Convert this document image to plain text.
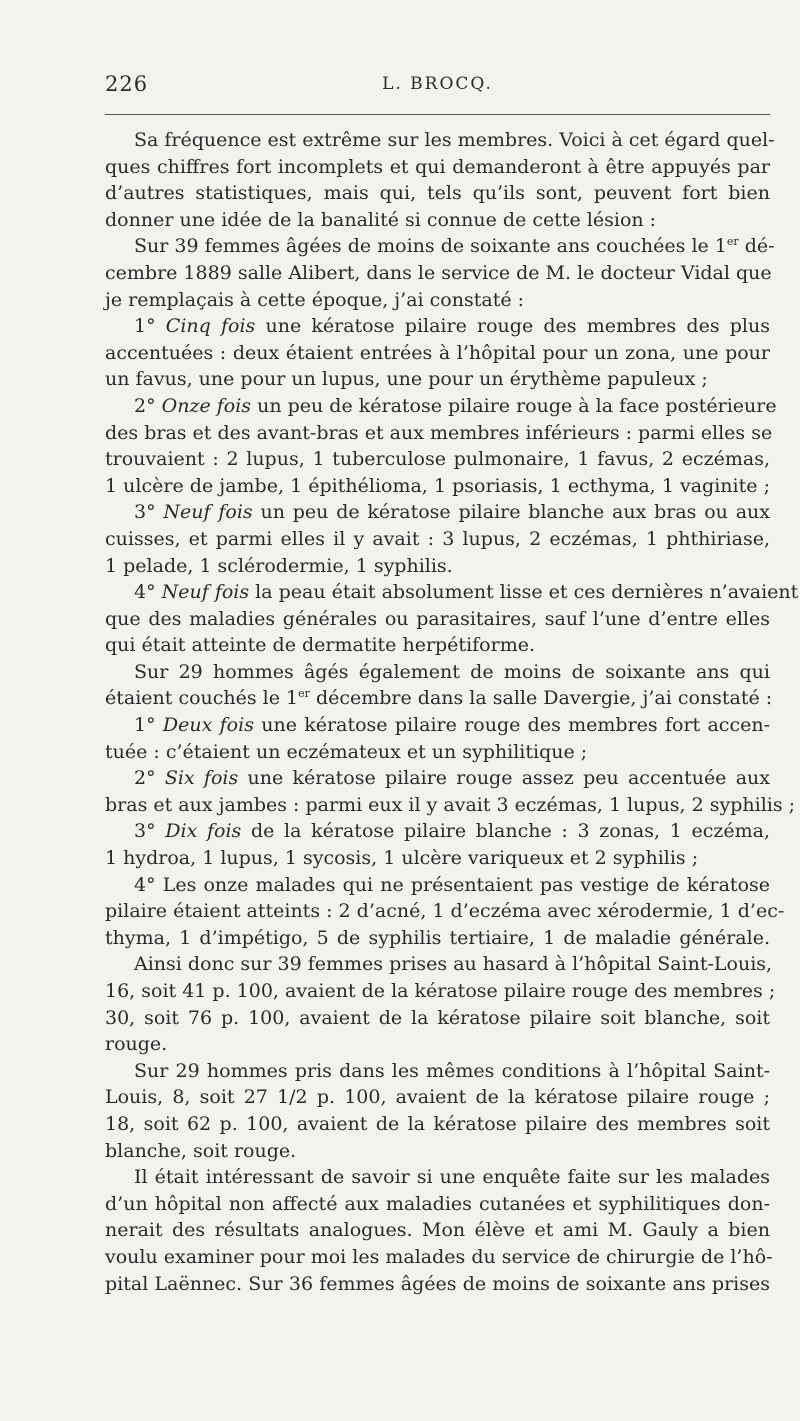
226	L. BROCQ.
Sa fréquence est extrême sur les membres. Voici à cet égard quel-
ques chiffres fort incomplets et qui demanderont à être appuyés par
d’autres statistiques, mais qui, tels qu’ils sont, peuvent fort bien
donner une idée de la banalité si connue de cette lésion :
Sur 39 femmes âgées de moins de soixante ans couchées le 1er dé-
cembre 1889 salle Alibert, dans le service de M. le docteur Vidal que
je remplaçais à cette époque, j’ai constaté :
1° Cinq fois une kératose pilaire rouge des membres des plus
accentuées : deux étaient entrées à l’hôpital pour un zona, une pour
un favus, une pour un lupus, une pour un érythème papuleux ;
2° Onze fois un peu de kératose pilaire rouge à la face postérieure
des bras et des avant-bras et aux membres inférieurs : parmi elles se
trouvaient : 2 lupus, 1 tuberculose pulmonaire, 1 favus, 2 eczémas,
1 ulcère de jambe, 1 épithélioma, 1 psoriasis, 1 ecthyma, 1 vaginite ;
3° Neuf fois un peu de kératose pilaire blanche aux bras ou aux
cuisses, et parmi elles il y avait : 3 lupus, 2 eczémas, 1 phthiriase,
1 pelade, 1 sclérodermie, 1 syphilis.
4° Neuf fois la peau était absolument lisse et ces dernières n’avaient
que des maladies générales ou parasitaires, sauf l’une d’entre elles
qui était atteinte de dermatite herpétiforme.
Sur 29 hommes âgés également de moins de soixante ans qui
étaient couchés le 1er décembre dans la salle Davergie, j’ai constaté :
1° Deux fois une kératose pilaire rouge des membres fort accen-
tuée : c’étaient un eczémateux et un syphilitique ;
2° Six fois une kératose pilaire rouge assez peu accentuée aux
bras et aux jambes : parmi eux il y avait 3 eczémas, 1 lupus, 2 syphilis ;
3° Dix fois de la kératose pilaire blanche : 3 zonas, 1 eczéma,
1 hydroa, 1 lupus, 1 sycosis, 1 ulcère variqueux et 2 syphilis ;
4° Les onze malades qui ne présentaient pas vestige de kératose
pilaire étaient atteints : 2 d’acné, 1 d’eczéma avec xérodermie, 1 d’ec-
thyma, 1 d’impétigo, 5 de syphilis tertiaire, 1 de maladie générale.
Ainsi donc sur 39 femmes prises au hasard à l’hôpital Saint-Louis,
16, soit 41 p. 100, avaient de la kératose pilaire rouge des membres ;
30, soit 76 p. 100, avaient de la kératose pilaire soit blanche, soit
rouge.
Sur 29 hommes pris dans les mêmes conditions à l’hôpital Saint-
Louis, 8, soit 27 1/2 p. 100, avaient de la kératose pilaire rouge ;
18, soit 62 p. 100, avaient de la kératose pilaire des membres soit
blanche, soit rouge.
Il était intéressant de savoir si une enquête faite sur les malades
d’un hôpital non affecté aux maladies cutanées et syphilitiques don-
nerait des résultats analogues. Mon élève et ami M. Gauly a bien
voulu examiner pour moi les malades du service de chirurgie de l’hô-
pital Laënnec. Sur 36 femmes âgées de moins de soixante ans prises
